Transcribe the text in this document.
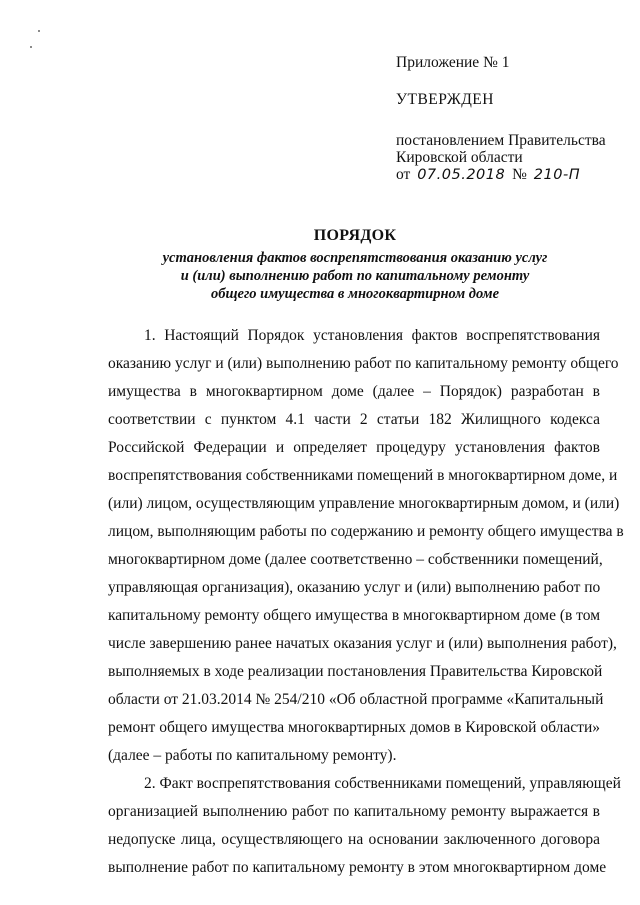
Приложение № 1
УТВЕРЖДЕН
постановлением Правительства
Кировской области
от 07.05.2018 № 210-П
ПОРЯДОК
установления фактов воспрепятствования оказанию услуг
и (или) выполнению работ по капитальному ремонту
общего имущества в многоквартирном доме
1. Настоящий Порядок установления фактов воспрепятствования
оказанию услуг и (или) выполнению работ по капитальному ремонту общего
имущества в многоквартирном доме (далее – Порядок) разработан в
соответствии с пунктом 4.1 части 2 статьи 182 Жилищного кодекса
Российской Федерации и определяет процедуру установления фактов
воспрепятствования собственниками помещений в многоквартирном доме, и
(или) лицом, осуществляющим управление многоквартирным домом, и (или)
лицом, выполняющим работы по содержанию и ремонту общего имущества в
многоквартирном доме (далее соответственно – собственники помещений,
управляющая организация), оказанию услуг и (или) выполнению работ по
капитальному ремонту общего имущества в многоквартирном доме (в том
числе завершению ранее начатых оказания услуг и (или) выполнения работ),
выполняемых в ходе реализации постановления Правительства Кировской
области от 21.03.2014 № 254/210 «Об областной программе «Капитальный
ремонт общего имущества многоквартирных домов в Кировской области»
(далее – работы по капитальному ремонту).
2. Факт воспрепятствования собственниками помещений, управляющей
организацией выполнению работ по капитальному ремонту выражается в
недопуске лица, осуществляющего на основании заключенного договора
выполнение работ по капитальному ремонту в этом многоквартирном доме
